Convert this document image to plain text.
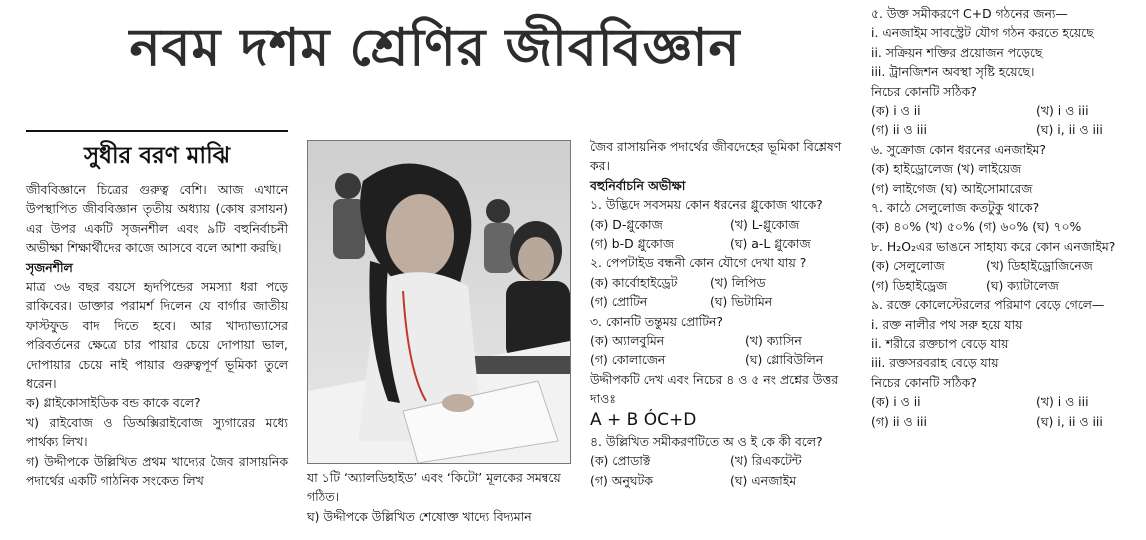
নবম দশম শ্রেণির জীববিজ্ঞান
সুধীর বরণ মাঝি

জীববিজ্ঞানে চিত্রের গুরুত্ব বেশি। আজ এখানে উপস্থাপিত জীববিজ্ঞান তৃতীয় অধ্যায় (কোষ রসায়ন) এর উপর একটি সৃজনশীল এবং ৯টি বহুনির্বাচনী অভীক্ষা শিক্ষার্থীদের কাজে আসবে বলে আশা করছি।

সৃজনশীল

মাত্র ৩৬ বছর বয়সে হৃদপিন্ডের সমস্যা ধরা পড়ে রাকিবের। ডাক্তার পরামর্শ দিলেন যে বার্গার জাতীয় ফাস্টফুড বাদ দিতে হবে। আর খাদ্যাভ্যাসের পরিবর্তনের ক্ষেত্রে চার পায়ার চেয়ে দোপায়া ভাল, দোপায়ার চেয়ে নাই পায়ার গুরুত্বপূর্ণ ভূমিকা তুলে ধরেন।

ক) গ্লাইকোসাইডিক বন্ড কাকে বলে?

খ) রাইবোজ ও ডিঅক্সিরাইবোজ স্যুগারের মধ্যে পার্থক্য লিখ।

গ) উদ্দীপকে উল্লিখিত প্রথম খাদ্যের জৈব রাসায়নিক পদার্থের একটি গাঠনিক সংকেত লিখ	যা ১টি ‘অ্যালডিহাইড’ এবং ‘কিটো’ মূলকের সমন্বয়ে গঠিত।

ঘ) উদ্দীপকে উল্লিখিত শেষোক্ত খাদ্যে বিদ্যমান

জৈব রাসায়নিক পদার্থের জীবদেহের ভূমিকা বিশ্লেষণ কর।

বহুনির্বাচনি অভীক্ষা

১. উদ্ভিদে সবসময় কোন ধরনের গ্লুকোজ থাকে?

(ক) D-গ্লুকোজ	(খ) L-গ্লুকোজ
(গ) b-D গ্লুকোজ	(ঘ) a-L গ্লুকোজ

২. পেপটাইড বন্ধনী কোন যৌগে দেখা যায় ?

(ক) কার্বোহাইড্রেট	(খ) লিপিড
(গ) প্রোটিন	(ঘ) ভিটামিন

৩. কোনটি তন্তুময় প্রোটিন?

(ক) অ্যালবুমিন	(খ) ক্যাসিন
(গ) কোলাজেন	(ঘ) গ্লোবিউলিন

উদ্দীপকটি দেখ এবং নিচের ৪ ও ৫ নং প্রশ্নের উত্তর দাওঃ

A + B ÓC+D

৪. উল্লিখিত সমীকরণটিতে অ ও ই কে কী বলে?

(ক) প্রোডাক্ট	(খ) রিএকটেন্ট
(গ) অনুঘটক	(ঘ) এনজাইম

৫. উক্ত সমীকরণে C+D গঠনের জন্য—

i. এনজাইম সাবস্ট্রেট যৌগ গঠন করতে হয়েছে

ii. সক্রিয়ন শক্তির প্রয়োজন পড়েছে

iii. ট্রানজিশন অবস্থা সৃষ্টি হয়েছে।

নিচের কোনটি সঠিক?

(ক) i ও ii	(খ) i ও iii
(গ) ii ও iii	(ঘ) i, ii ও iii

৬. সুক্রোজ কোন ধরনের এনজাইম?

(ক) হাইড্রোলেজ (খ) লাইয়েজ

(গ) লাইগেজ (ঘ) আইসোমারেজ

৭. কাঠে সেলুলোজ কতটুকু থাকে?

(ক) ৪০% (খ) ৫০% (গ) ৬০% (ঘ) ৭০%

৮. H₂O₂এর ভাঙনে সাহায্য করে কোন এনজাইম?

(ক) সেলুলোজ	(খ) ডিহাইড্রোজিনেজ
(গ) ডিহাইড্রেজ	(ঘ) ক্যাটালেজ

৯. রক্তে কোলেস্টেরলের পরিমাণ বেড়ে গেলে—

i. রক্ত নালীর পথ সরু হয়ে যায়

ii. শরীরে রক্তচাপ বেড়ে যায়

iii. রক্তসরবরাহ বেড়ে যায়

নিচের কোনটি সঠিক?

(ক) i ও ii	(খ) i ও iii
(গ) ii ও iii	(ঘ) i, ii ও iii
